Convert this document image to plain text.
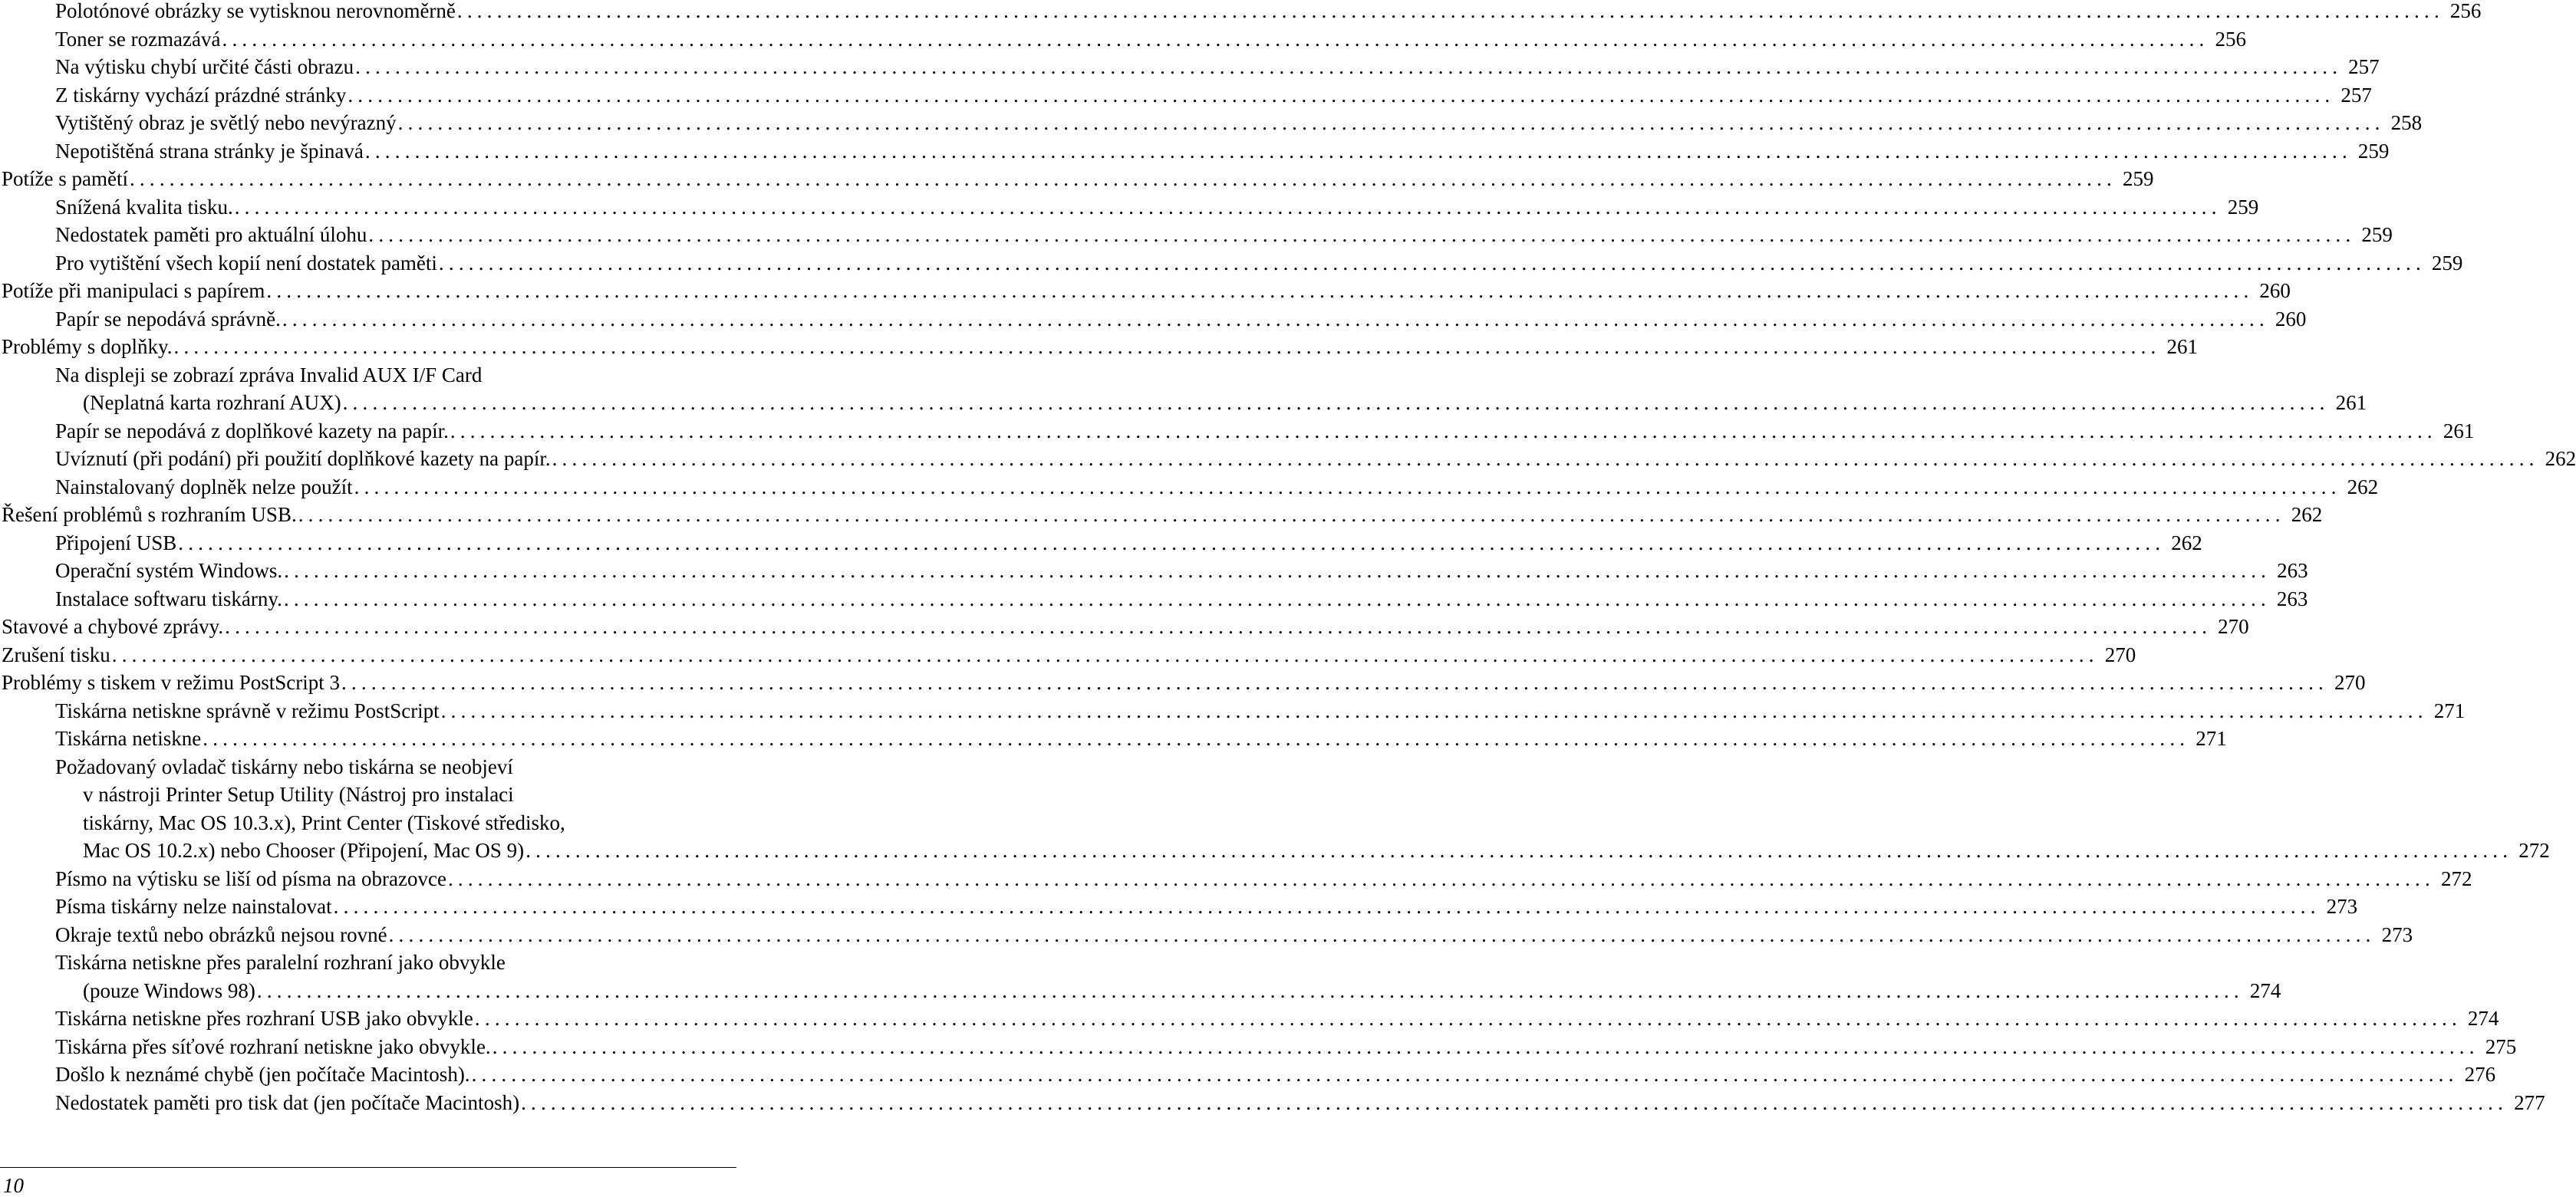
Polotónové obrázky se vytisknou nerovnoměrně ........................................................................................................................................................................................................ 256
Toner se rozmazává ........................................................................................................................................................................................................ 256
Na výtisku chybí určité části obrazu ........................................................................................................................................................................................................ 257
Z tiskárny vychází prázdné stránky ........................................................................................................................................................................................................ 257
Vytištěný obraz je světlý nebo nevýrazný ........................................................................................................................................................................................................ 258
Nepotištěná strana stránky je špinavá ........................................................................................................................................................................................................ 259
Potíže s pamětí ........................................................................................................................................................................................................ 259
Snížená kvalita tisku. ........................................................................................................................................................................................................ 259
Nedostatek paměti pro aktuální úlohu ........................................................................................................................................................................................................ 259
Pro vytištění všech kopií není dostatek paměti ........................................................................................................................................................................................................ 259
Potíže při manipulaci s papírem ........................................................................................................................................................................................................ 260
Papír se nepodává správně. ........................................................................................................................................................................................................ 260
Problémy s doplňky. ........................................................................................................................................................................................................ 261
Na displeji se zobrazí zpráva Invalid AUX I/F Card
(Neplatná karta rozhraní AUX) ........................................................................................................................................................................................................ 261
Papír se nepodává z doplňkové kazety na papír. ........................................................................................................................................................................................................ 261
Uvíznutí (při podání) při použití doplňkové kazety na papír. ........................................................................................................................................................................................................ 262
Nainstalovaný doplněk nelze použít ........................................................................................................................................................................................................ 262
Řešení problémů s rozhraním USB. ........................................................................................................................................................................................................ 262
Připojení USB ........................................................................................................................................................................................................ 262
Operační systém Windows. ........................................................................................................................................................................................................ 263
Instalace softwaru tiskárny. ........................................................................................................................................................................................................ 263
Stavové a chybové zprávy. ........................................................................................................................................................................................................ 270
Zrušení tisku ........................................................................................................................................................................................................ 270
Problémy s tiskem v režimu PostScript 3 ........................................................................................................................................................................................................ 270
Tiskárna netiskne správně v režimu PostScript ........................................................................................................................................................................................................ 271
Tiskárna netiskne ........................................................................................................................................................................................................ 271
Požadovaný ovladač tiskárny nebo tiskárna se neobjeví
v nástroji Printer Setup Utility (Nástroj pro instalaci
tiskárny, Mac OS 10.3.x), Print Center (Tiskové středisko,
Mac OS 10.2.x) nebo Chooser (Připojení, Mac OS 9) ........................................................................................................................................................................................................ 272
Písmo na výtisku se liší od písma na obrazovce ........................................................................................................................................................................................................ 272
Písma tiskárny nelze nainstalovat ........................................................................................................................................................................................................ 273
Okraje textů nebo obrázků nejsou rovné ........................................................................................................................................................................................................ 273
Tiskárna netiskne přes paralelní rozhraní jako obvykle
(pouze Windows 98) ........................................................................................................................................................................................................ 274
Tiskárna netiskne přes rozhraní USB jako obvykle ........................................................................................................................................................................................................ 274
Tiskárna přes síťové rozhraní netiskne jako obvykle. ........................................................................................................................................................................................................ 275
Došlo k neznámé chybě (jen počítače Macintosh). ........................................................................................................................................................................................................ 276
Nedostatek paměti pro tisk dat (jen počítače Macintosh) ........................................................................................................................................................................................................ 277
10
